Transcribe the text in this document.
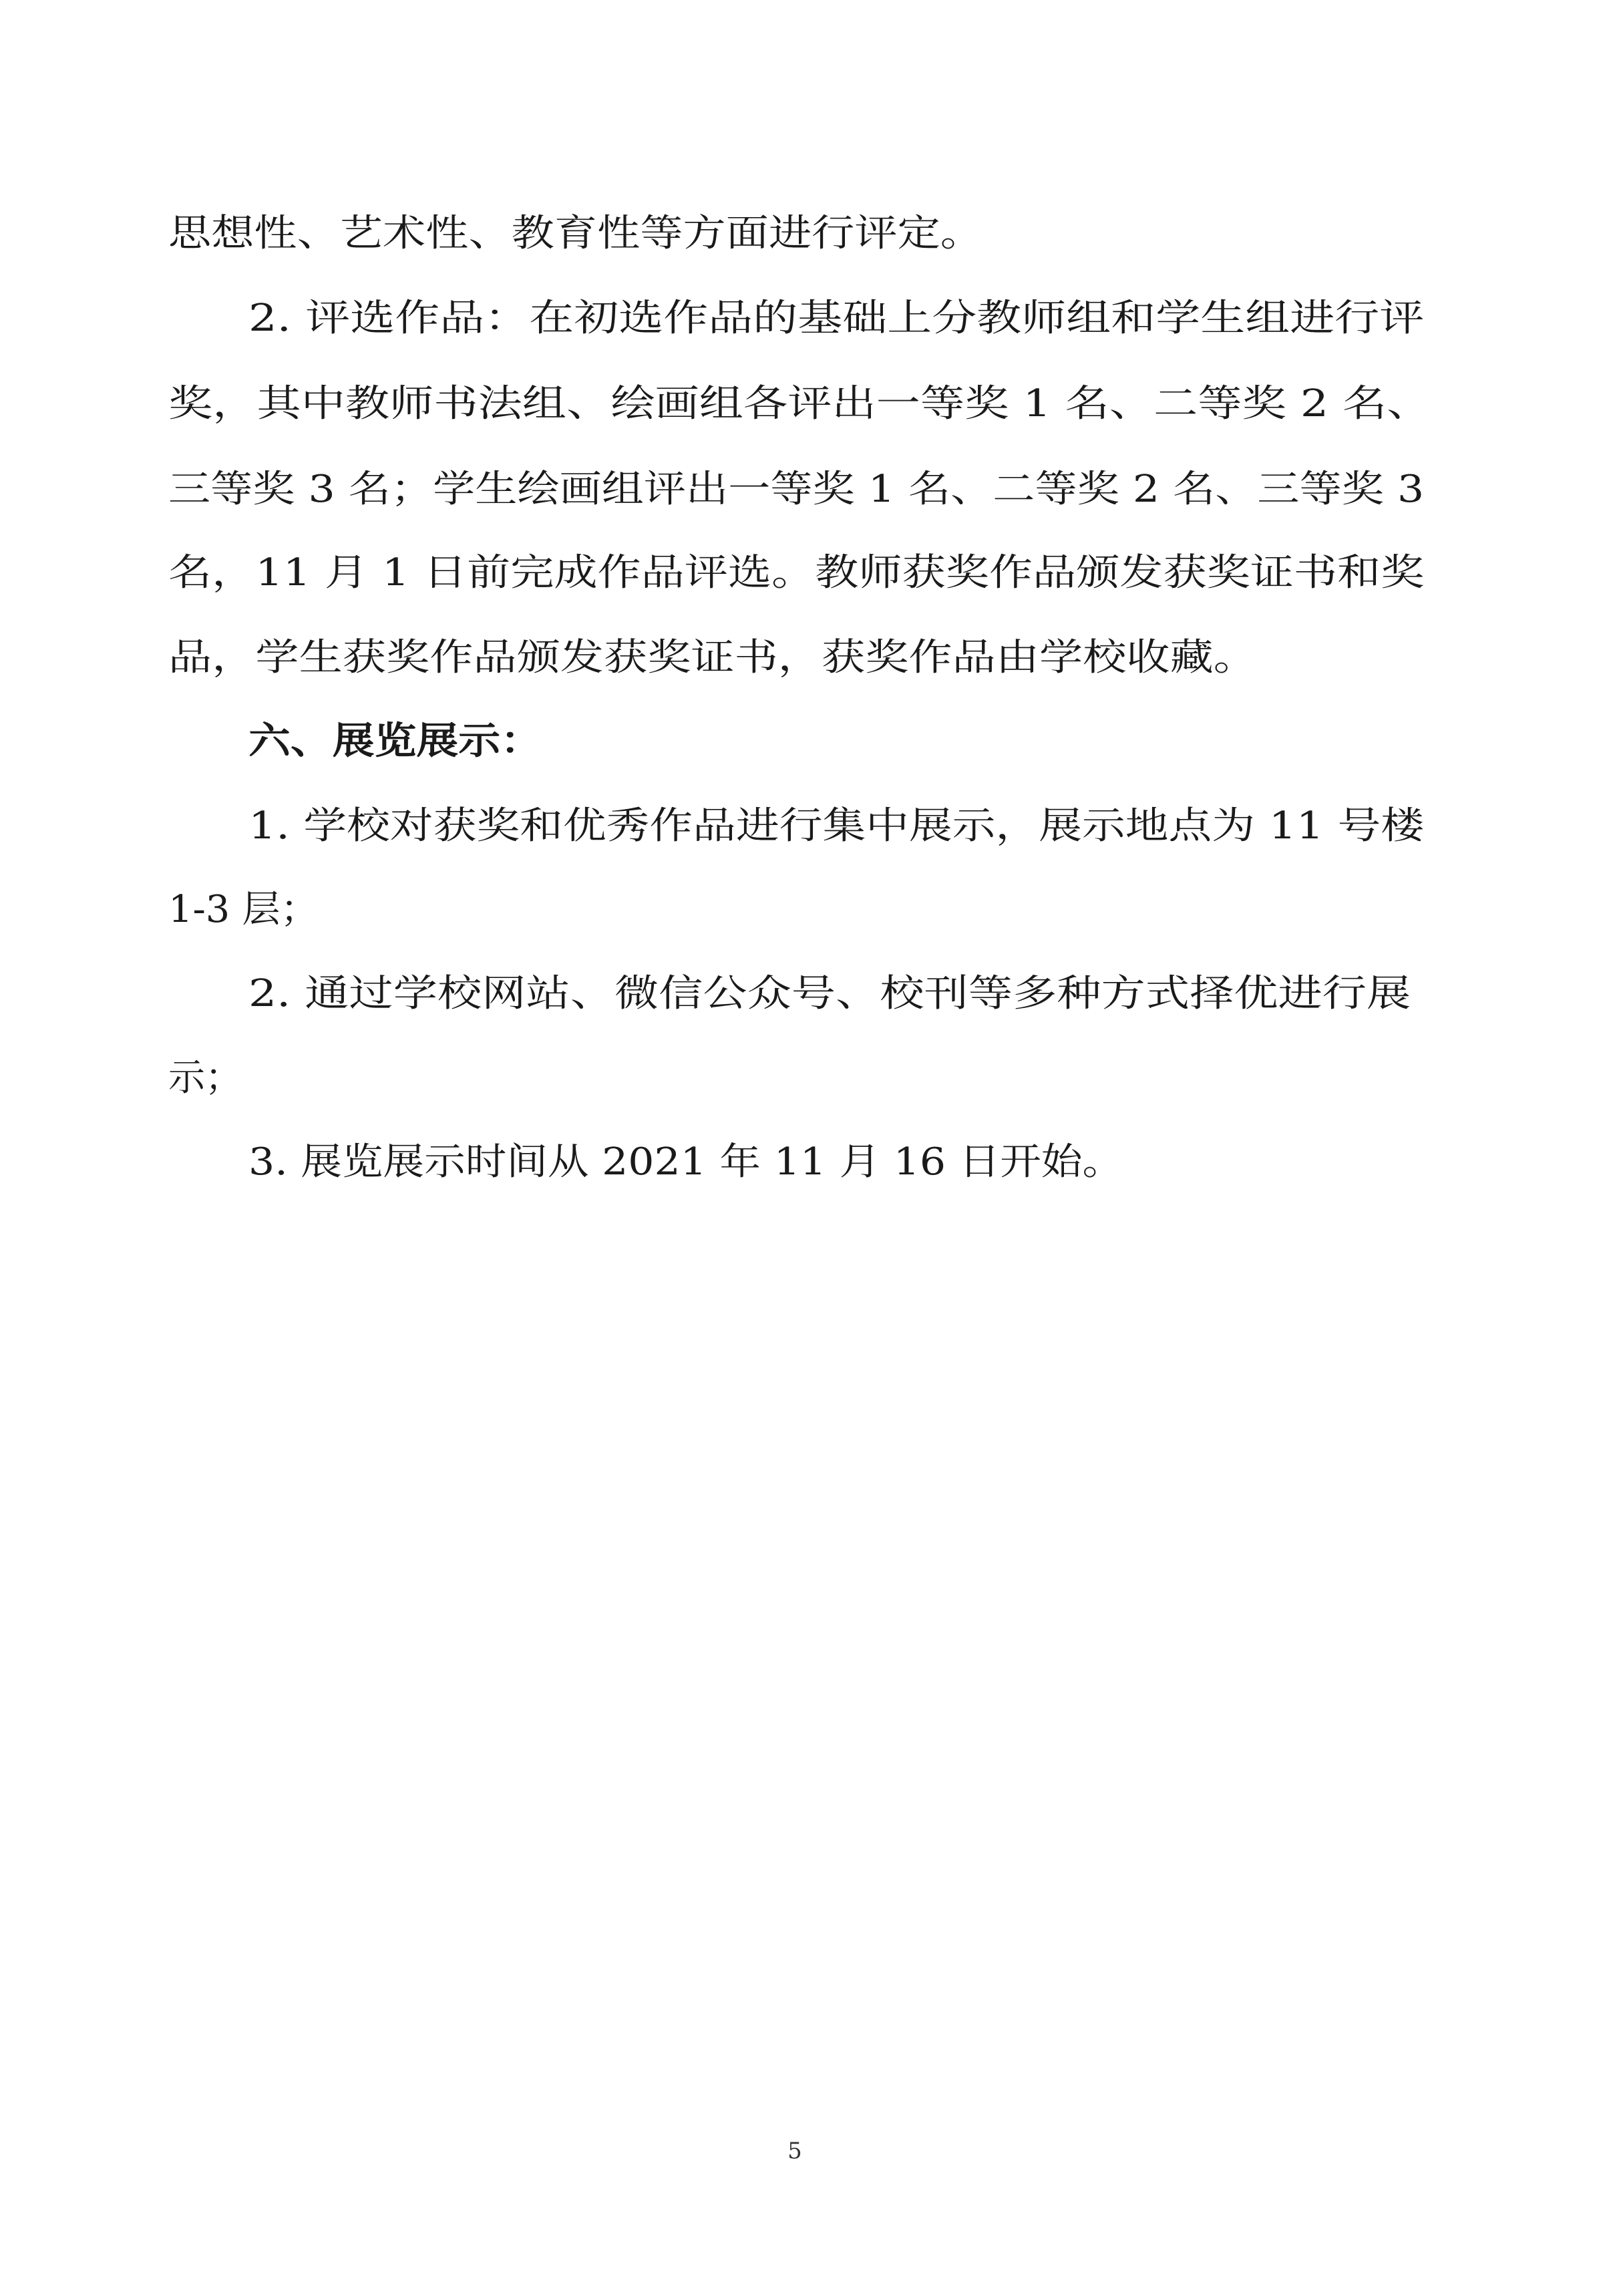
思想性、艺术性、教育性等方面进行评定。

2. 评选作品：在初选作品的基础上分教师组和学生组进行评

奖，其中教师书法组、绘画组各评出一等奖 1 名、二等奖 2 名、

三等奖 3 名；学生绘画组评出一等奖 1 名、二等奖 2 名、三等奖 3

名，11 月 1 日前完成作品评选。教师获奖作品颁发获奖证书和奖

品，学生获奖作品颁发获奖证书，获奖作品由学校收藏。

六、展览展示：

1. 学校对获奖和优秀作品进行集中展示，展示地点为 11 号楼

1-3 层；

2. 通过学校网站、微信公众号、校刊等多种方式择优进行展

示；

3. 展览展示时间从 2021 年 11 月 16 日开始。

5
